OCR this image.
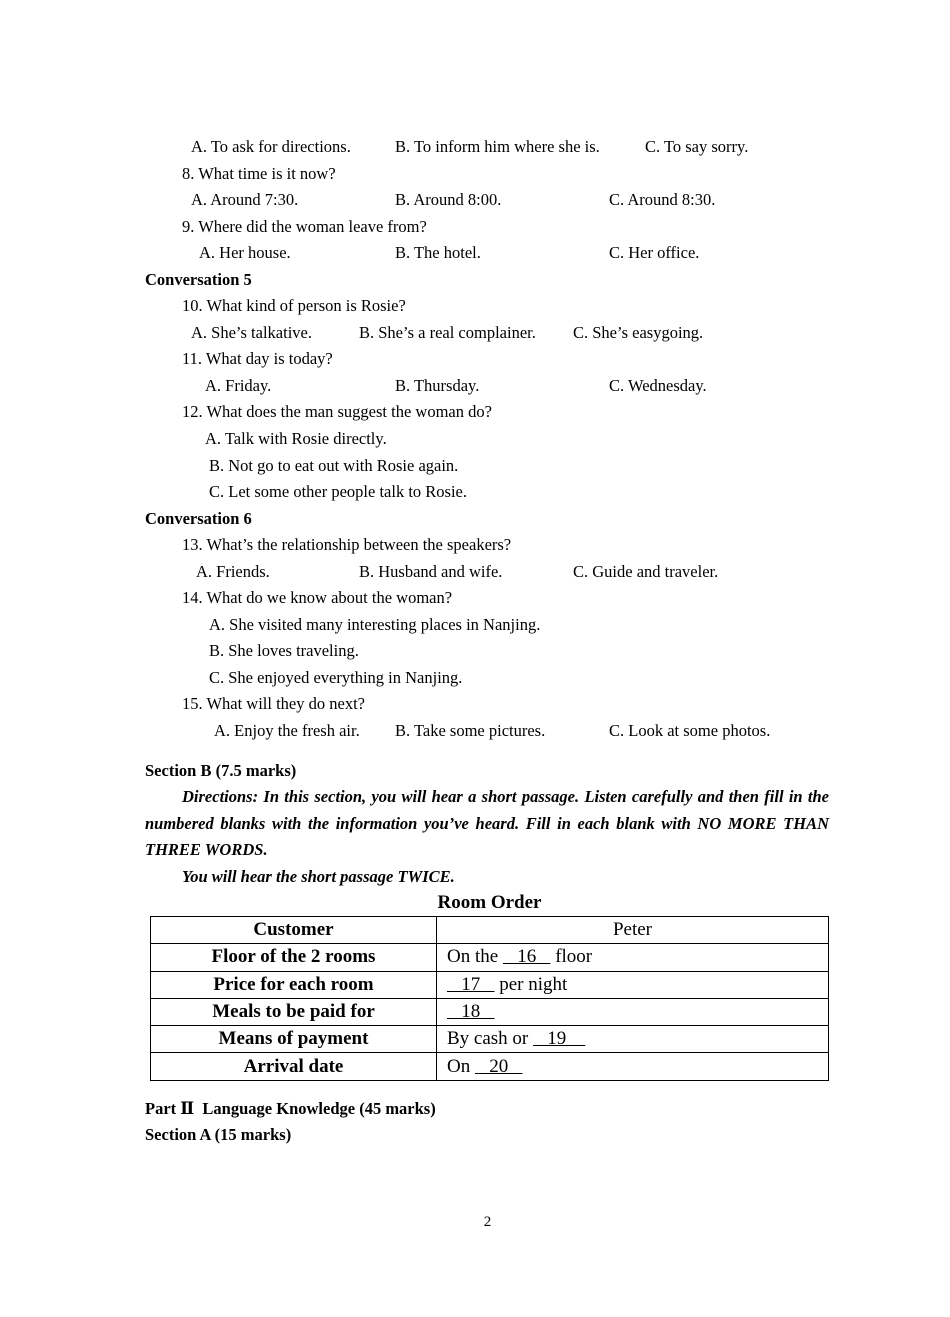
A. To ask for directions.	B. To inform him where she is.	C. To say sorry.
8. What time is it now?
A. Around 7:30.	B. Around 8:00.	C. Around 8:30.
9. Where did the woman leave from?
A. Her house.	B. The hotel.	C. Her office.
Conversation 5
10. What kind of person is Rosie?
A. She’s talkative.	B. She’s a real complainer. C. She’s easygoing.
11. What day is today?
A. Friday.	B. Thursday.	C. Wednesday.
12. What does the man suggest the woman do?
A. Talk with Rosie directly.
B. Not go to eat out with Rosie again.
C. Let some other people talk to Rosie.
Conversation 6
13. What’s the relationship between the speakers?
A. Friends.	B. Husband and wife.	C. Guide and traveler.
14. What do we know about the woman?
A. She visited many interesting places in Nanjing.
B. She loves traveling.
C. She enjoyed everything in Nanjing.
15. What will they do next?
A. Enjoy the fresh air. B. Take some pictures.	C. Look at some photos.
Section B (7.5 marks)
Directions: In this section, you will hear a short passage. Listen carefully and then fill in the numbered blanks with the information you’ve heard. Fill in each blank with NO MORE THAN THREE WORDS.
You will hear the short passage TWICE.
Room Order
Customer	Peter
Floor of the 2 rooms	On the    16    floor
Price for each room	17    per night
Meals to be paid for	18
Means of payment	By cash or    19
Arrival date	On    20
Part Ⅱ  Language Knowledge (45 marks)
Section A (15 marks)
2
